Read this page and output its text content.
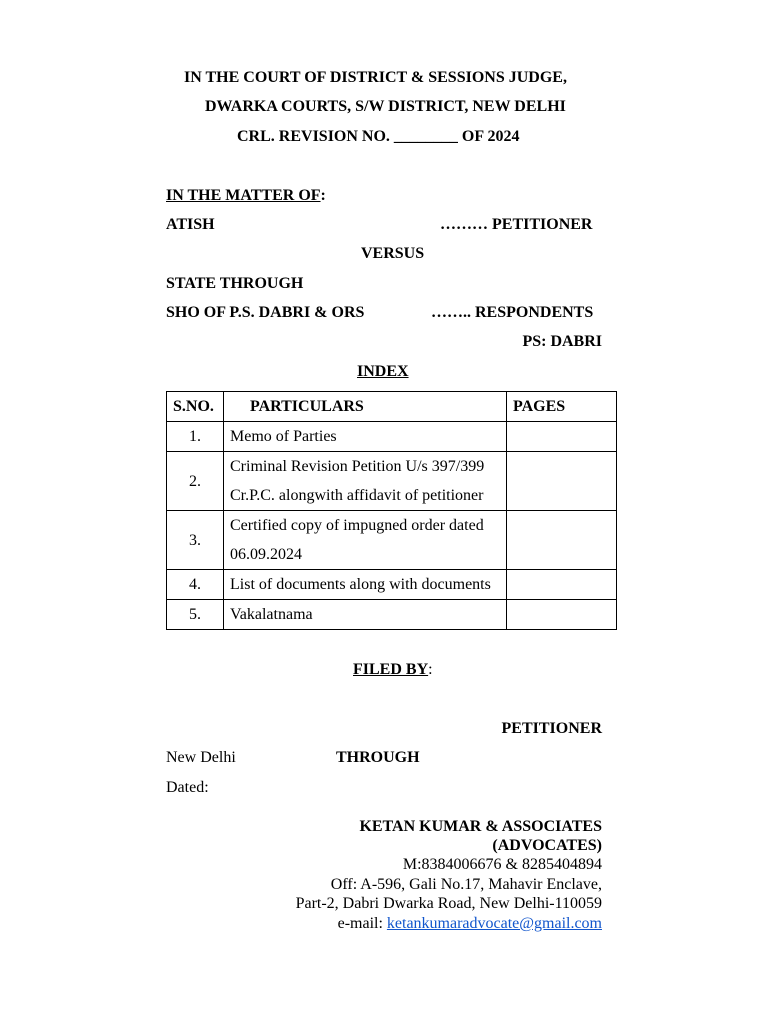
IN THE COURT OF DISTRICT & SESSIONS JUDGE,
DWARKA COURTS, S/W DISTRICT, NEW DELHI
CRL. REVISION NO. ________ OF 2024
IN THE MATTER OF:
ATISH	……… PETITIONER
VERSUS
STATE THROUGH
SHO OF P.S. DABRI & ORS	…….. RESPONDENTS
PS: DABRI
INDEX
S.NO.	PARTICULARS	PAGES
1.	Memo of Parties	
2.	Criminal Revision Petition U/s 397/399 Cr.P.C. alongwith affidavit of petitioner	
3.	Certified copy of impugned order dated 06.09.2024	
4.	List of documents along with documents	
5.	Vakalatnama	
FILED BY:
PETITIONER
New Delhi	THROUGH
Dated:
KETAN KUMAR & ASSOCIATES
(ADVOCATES)
M:8384006676 & 8285404894
Off: A-596, Gali No.17, Mahavir Enclave,
Part-2, Dabri Dwarka Road, New Delhi-110059
e-mail: ketankumaradvocate@gmail.com
